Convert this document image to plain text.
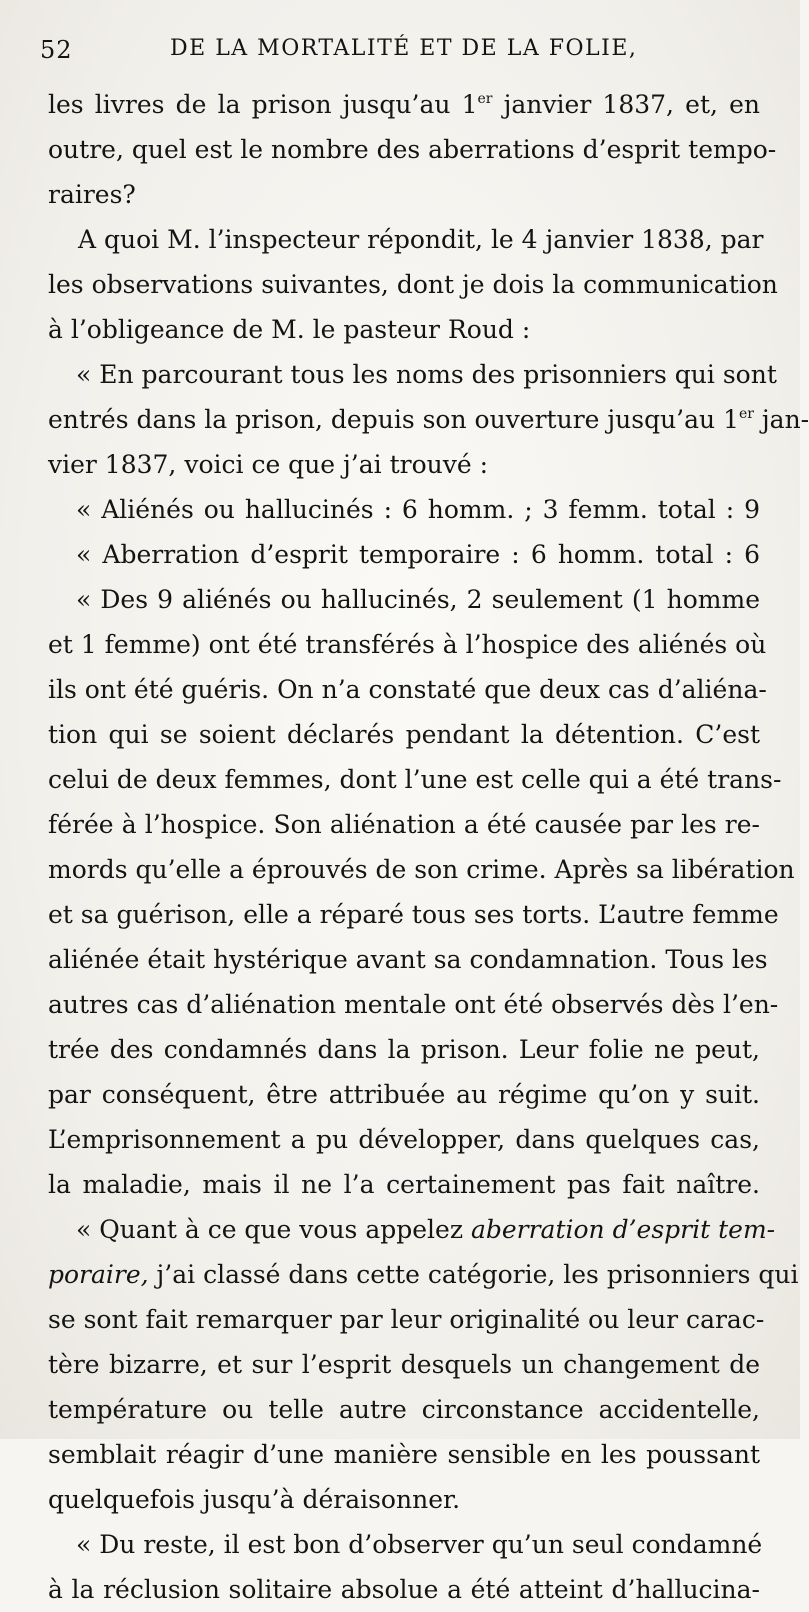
52	DE LA MORTALITÉ ET DE LA FOLIE,
les livres de la prison jusqu’au 1er janvier 1837, et, en
outre, quel est le nombre des aberrations d’esprit tempo-
raires?
A quoi M. l’inspecteur répondit, le 4 janvier 1838, par
les observations suivantes, dont je dois la communication
à l’obligeance de M. le pasteur Roud :
« En parcourant tous les noms des prisonniers qui sont
entrés dans la prison, depuis son ouverture jusqu’au 1er jan-
vier 1837, voici ce que j’ai trouvé :
« Aliénés ou hallucinés : 6 homm. ; 3 femm. total : 9
« Aberration d’esprit temporaire : 6 homm. total : 6
« Des 9 aliénés ou hallucinés, 2 seulement (1 homme
et 1 femme) ont été transférés à l’hospice des aliénés où
ils ont été guéris. On n’a constaté que deux cas d’aliéna-
tion qui se soient déclarés pendant la détention. C’est
celui de deux femmes, dont l’une est celle qui a été trans-
férée à l’hospice. Son aliénation a été causée par les re-
mords qu’elle a éprouvés de son crime. Après sa libération
et sa guérison, elle a réparé tous ses torts. L’autre femme
aliénée était hystérique avant sa condamnation. Tous les
autres cas d’aliénation mentale ont été observés dès l’en-
trée des condamnés dans la prison. Leur folie ne peut,
par conséquent, être attribuée au régime qu’on y suit.
L’emprisonnement a pu développer, dans quelques cas,
la maladie, mais il ne l’a certainement pas fait naître.
« Quant à ce que vous appelez aberration d’esprit tem-
poraire, j’ai classé dans cette catégorie, les prisonniers qui
se sont fait remarquer par leur originalité ou leur carac-
tère bizarre, et sur l’esprit desquels un changement de
température ou telle autre circonstance accidentelle,
semblait réagir d’une manière sensible en les poussant
quelquefois jusqu’à déraisonner.
« Du reste, il est bon d’observer qu’un seul condamné
à la réclusion solitaire absolue a été atteint d’hallucina-
